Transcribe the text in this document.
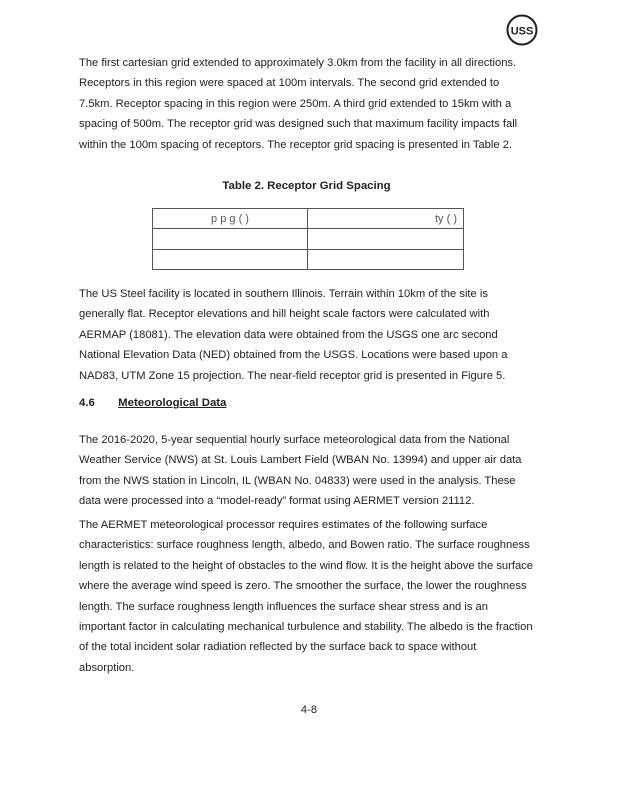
USS

The first cartesian grid extended to approximately 3.0km from the facility in all directions. Receptors in this region were spaced at 100m intervals. The second grid extended to 7.5km. Receptor spacing in this region were 250m. A third grid extended to 15km with a spacing of 500m. The receptor grid was designed such that maximum facility impacts fall within the 100m spacing of receptors. The receptor grid spacing is presented in Table 2.

Table 2. Receptor Grid Spacing
p p g ( )	ty ( )

The US Steel facility is located in southern Illinois. Terrain within 10km of the site is generally flat. Receptor elevations and hill height scale factors were calculated with AERMAP (18081). The elevation data were obtained from the USGS one arc second National Elevation Data (NED) obtained from the USGS. Locations were based upon a NAD83, UTM Zone 15 projection. The near-field receptor grid is presented in Figure 5.

4.6 Meteorological Data

The 2016-2020, 5-year sequential hourly surface meteorological data from the National Weather Service (NWS) at St. Louis Lambert Field (WBAN No. 13994) and upper air data from the NWS station in Lincoln, IL (WBAN No. 04833) were used in the analysis. These data were processed into a “model-ready” format using AERMET version 21112.

The AERMET meteorological processor requires estimates of the following surface characteristics: surface roughness length, albedo, and Bowen ratio. The surface roughness length is related to the height of obstacles to the wind flow. It is the height above the surface where the average wind speed is zero. The smoother the surface, the lower the roughness length. The surface roughness length influences the surface shear stress and is an important factor in calculating mechanical turbulence and stability. The albedo is the fraction of the total incident solar radiation reflected by the surface back to space without absorption.

4-8
